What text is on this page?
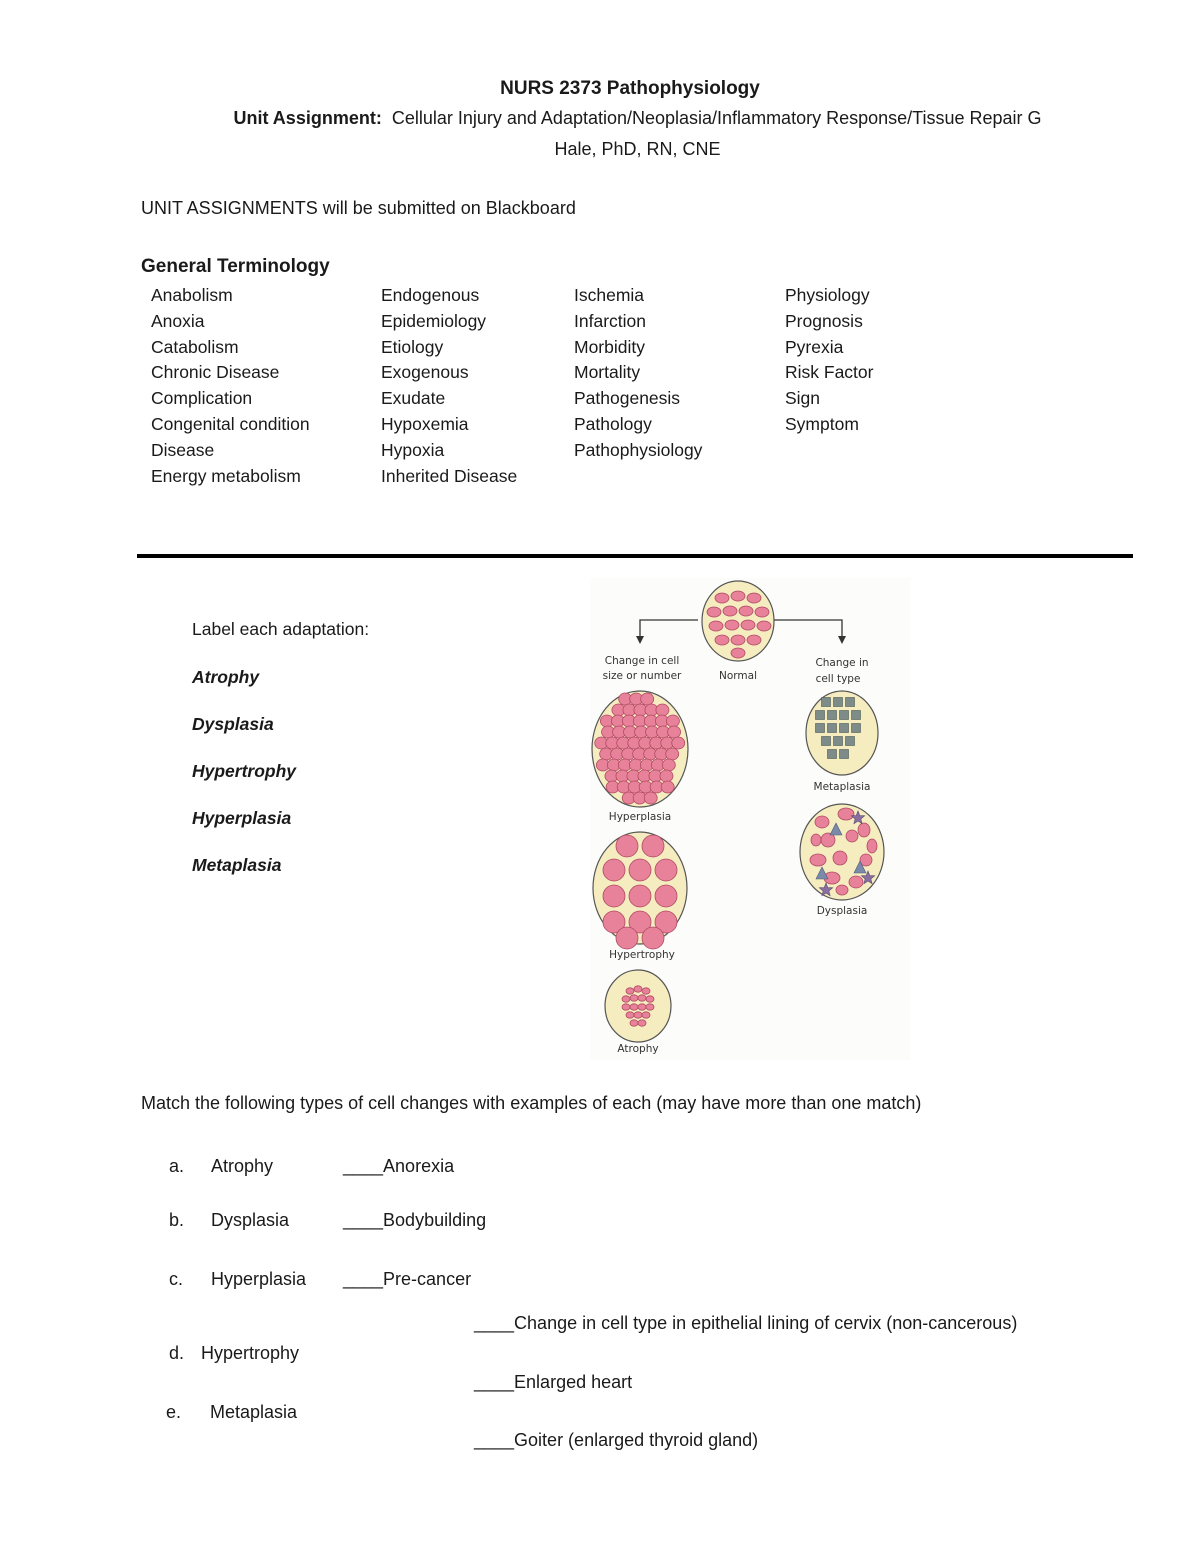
NURS 2373 Pathophysiology
Unit Assignment: Cellular Injury and Adaptation/Neoplasia/Inflammatory Response/Tissue Repair G
Hale, PhD, RN, CNE
UNIT ASSIGNMENTS will be submitted on Blackboard
General Terminology
Anabolism
Anoxia
Catabolism
Chronic Disease
Complication
Congenital condition
Disease
Energy metabolism
Endogenous
Epidemiology
Etiology
Exogenous
Exudate
Hypoxemia
Hypoxia
Inherited Disease
Ischemia
Infarction
Morbidity
Mortality
Pathogenesis
Pathology
Pathophysiology
Physiology
Prognosis
Pyrexia
Risk Factor
Sign
Symptom
Label each adaptation:
Atrophy
Dysplasia
Hypertrophy
Hyperplasia
Metaplasia
Change in cell
size or number	Normal
Change in
cell type
Hyperplasia
Hypertrophy
Atrophy
Metaplasia
Dysplasia
Match the following types of cell changes with examples of each (may have more than one match)
a. Atrophy
b. Dysplasia
c. Hyperplasia
d. Hypertrophy
e. Metaplasia
____Anorexia
____Bodybuilding
____Pre-cancer
____Change in cell type in epithelial lining of cervix (non-cancerous)
____Enlarged heart
____Goiter (enlarged thyroid gland)
